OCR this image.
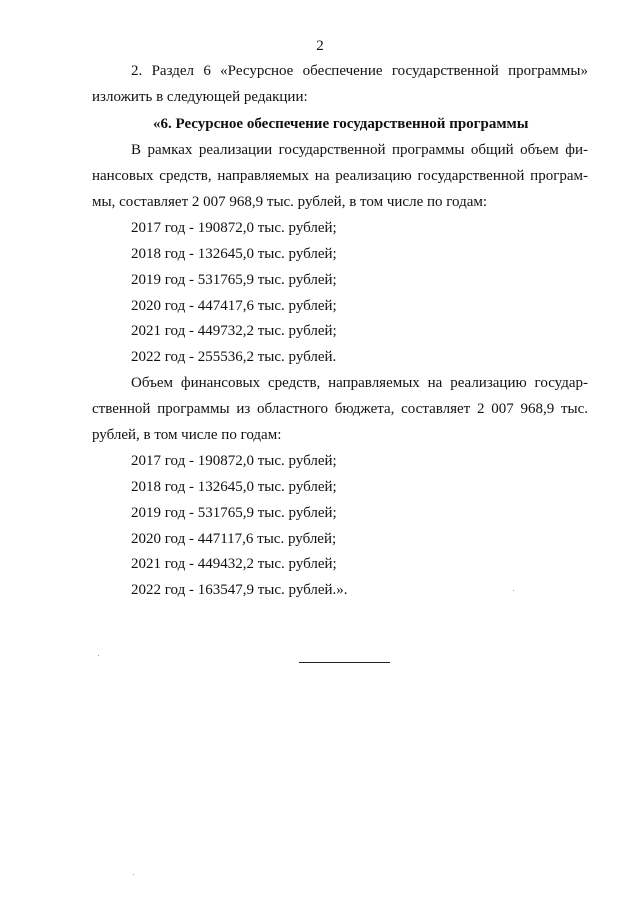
2
2. Раздел 6 «Ресурсное обеспечение государственной программы»
изложить в следующей редакции:
«6. Ресурсное обеспечение государственной программы
В рамках реализации государственной программы общий объем фи-
нансовых средств, направляемых на реализацию государственной програм-
мы, составляет 2 007 968,9 тыс. рублей, в том числе по годам:
2017 год - 190872,0 тыс. рублей;
2018 год - 132645,0 тыс. рублей;
2019 год - 531765,9 тыс. рублей;
2020 год - 447417,6 тыс. рублей;
2021 год - 449732,2 тыс. рублей;
2022 год - 255536,2 тыс. рублей.
Объем финансовых средств, направляемых на реализацию государ-
ственной программы из областного бюджета, составляет 2 007 968,9 тыс.
рублей, в том числе по годам:
2017 год - 190872,0 тыс. рублей;
2018 год - 132645,0 тыс. рублей;
2019 год - 531765,9 тыс. рублей;
2020 год - 447117,6 тыс. рублей;
2021 год - 449432,2 тыс. рублей;
2022 год - 163547,9 тыс. рублей.».
